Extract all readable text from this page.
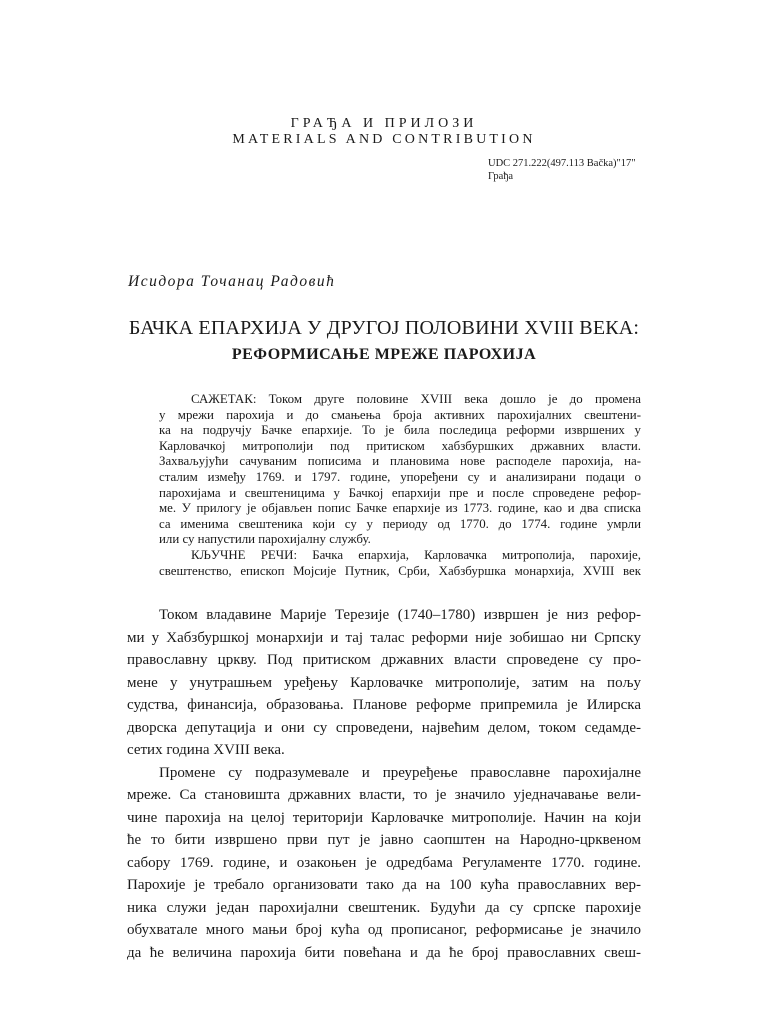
ГРАЂА И ПРИЛОЗИ
MATERIALS AND CONTRIBUTION
UDC 271.222(497.113 Bačka)"17"
Грађа
Исидора Точанац Радовић
БАЧКА ЕПАРХИЈА У ДРУГОЈ ПОЛОВИНИ XVIII ВЕКА:
РЕФОРМИСАЊЕ МРЕЖЕ ПАРОХИЈА
САЖЕТАК: Током друге половине XVIII века дошло је до промена
у мрежи парохија и до смањења броја активних парохијалних свештени-
ка на подручју Бачке епархије. То је била последица реформи извршених у
Карловачкој митрополији под притиском хабзбуршких државних власти.
Захваљујући сачуваним пописима и плановима нове расподеле парохија, на-
сталим између 1769. и 1797. године, упоређени су и анализирани подаци о
парохијама и свештеницима у Бачкој епархији пре и после спроведене рефор-
ме. У прилогу је објављен попис Бачке епархије из 1773. године, као и два списка
са именима свештеника који су у периоду од 1770. до 1774. године умрли
или су напустили парохијалну службу.
КЉУЧНЕ РЕЧИ: Бачка епархија, Карловачка митрополија, парохије,
свештенство, епископ Мојсије Путник, Срби, Хабзбуршка монархија, XVIII век
Током владавине Марије Терезије (1740–1780) извршен је низ рефор-
ми у Хабзбуршкој монархији и тај талас реформи није зобишао ни Српску
православну цркву. Под притиском државних власти спроведене су про-
мене у унутрашњем уређењу Карловачке митрополије, затим на пољу
судства, финансија, образовања. Планове реформе припремила је Илирска
дворска депутација и они су спроведени, највећим делом, током седамде-
сетих година XVIII века.
Промене су подразумевале и преуређење православне парохијалне
мреже. Са становишта државних власти, то је значило уједначавање вели-
чине парохија на целој територији Карловачке митрополије. Начин на који
ће то бити извршено први пут је јавно саопштен на Народно-црквеном
сабору 1769. године, и озакоњен је одредбама Регуламенте 1770. године.
Парохије је требало организовати тако да на 100 кућа православних вер-
ника служи један парохијални свештеник. Будући да су српске парохије
обухватале много мањи број кућа од прописаног, реформисање је значило
да ће величина парохија бити повећана и да ће број православних свеш-
